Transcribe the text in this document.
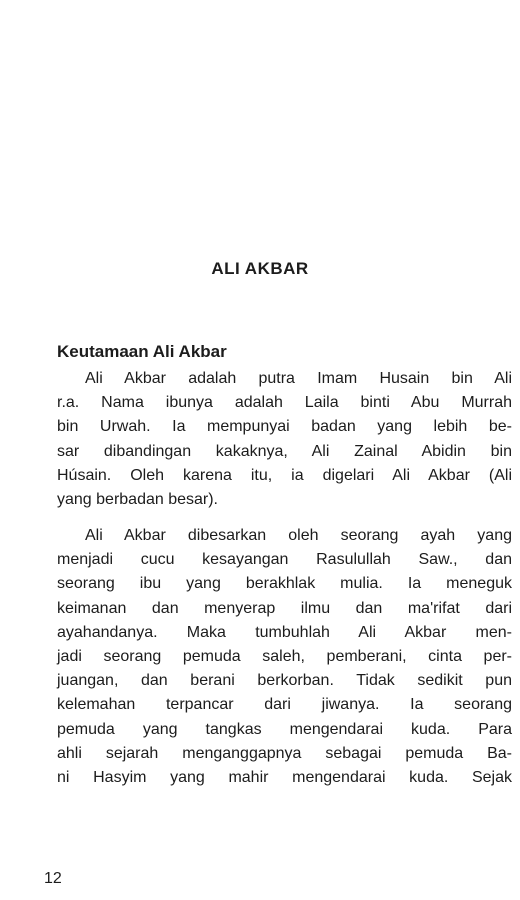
ALI AKBAR
Keutamaan Ali Akbar
Ali Akbar adalah putra Imam Husain bin Ali
r.a. Nama ibunya adalah Laila binti Abu Murrah
bin Urwah. Ia mempunyai badan yang lebih be-
sar dibandingan kakaknya, Ali Zainal Abidin bin
Húsain. Oleh karena itu, ia digelari Ali Akbar (Ali
yang berbadan besar).
Ali Akbar dibesarkan oleh seorang ayah yang
menjadi cucu kesayangan Rasulullah Saw., dan
seorang ibu yang berakhlak mulia. Ia meneguk
keimanan dan menyerap ilmu dan ma'rifat dari
ayahandanya. Maka tumbuhlah Ali Akbar men-
jadi seorang pemuda saleh, pemberani, cinta per-
juangan, dan berani berkorban. Tidak sedikit pun
kelemahan terpancar dari jiwanya. Ia seorang
pemuda yang tangkas mengendarai kuda. Para
ahli sejarah menganggapnya sebagai pemuda Ba-
ni Hasyim yang mahir mengendarai kuda. Sejak
12
